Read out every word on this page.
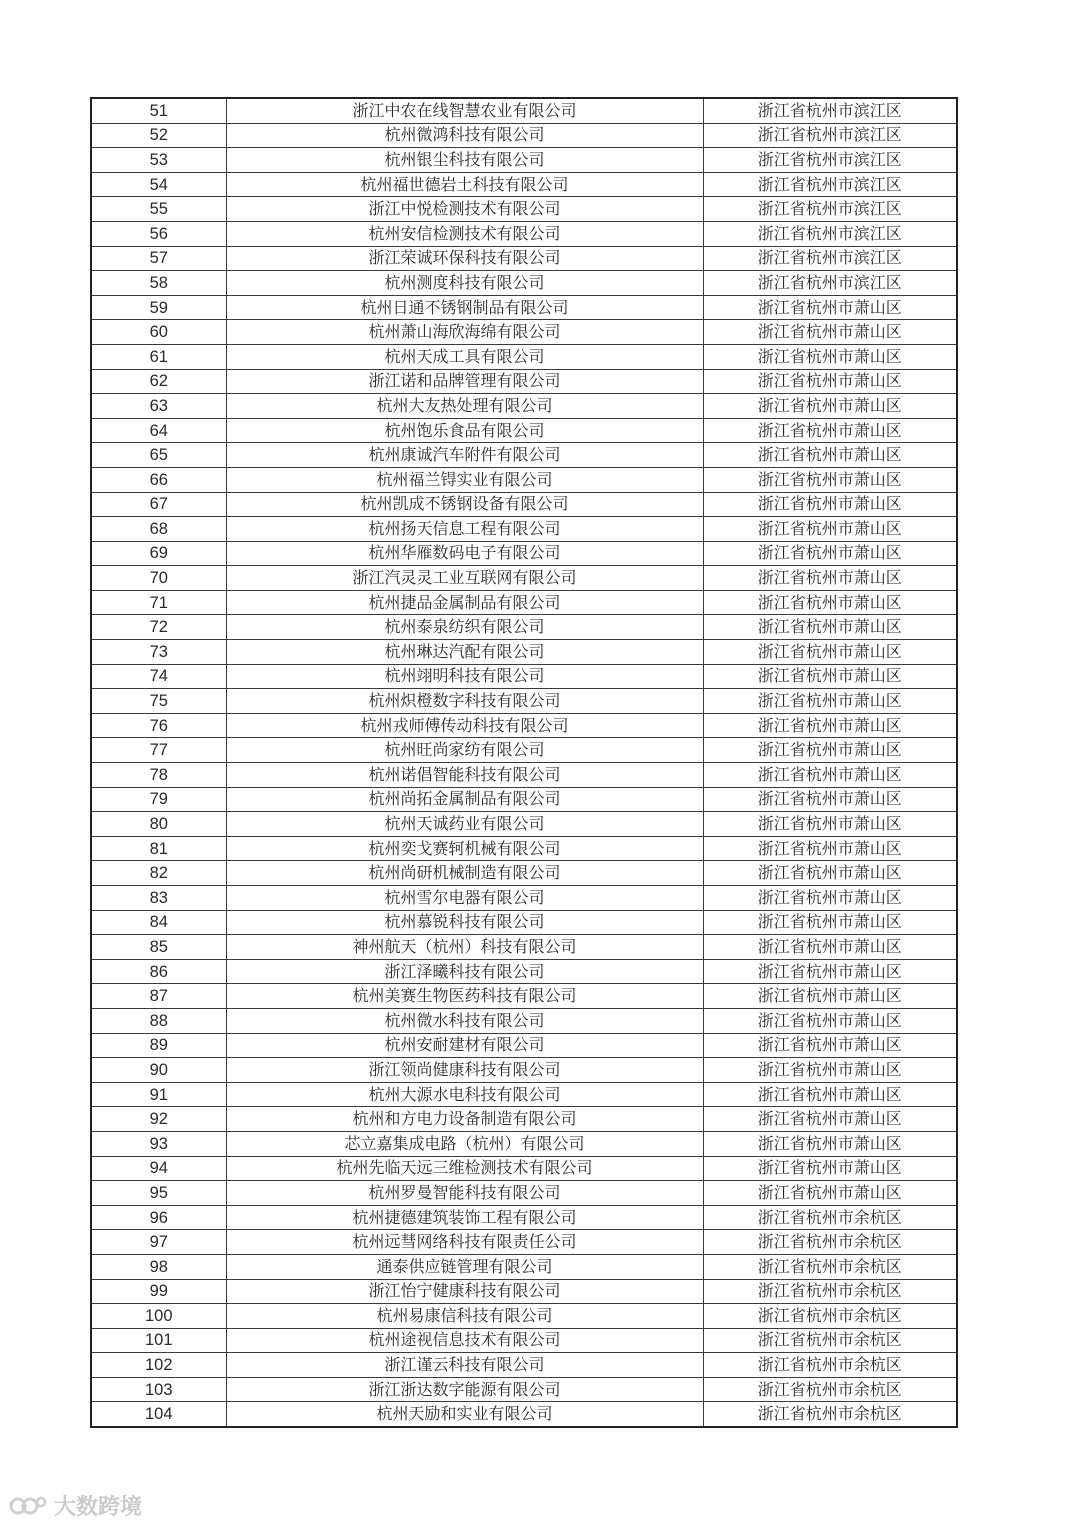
51	浙江中农在线智慧农业有限公司	浙江省杭州市滨江区
52	杭州微鸿科技有限公司	浙江省杭州市滨江区
53	杭州银尘科技有限公司	浙江省杭州市滨江区
54	杭州福世德岩土科技有限公司	浙江省杭州市滨江区
55	浙江中悦检测技术有限公司	浙江省杭州市滨江区
56	杭州安信检测技术有限公司	浙江省杭州市滨江区
57	浙江荣诚环保科技有限公司	浙江省杭州市滨江区
58	杭州测度科技有限公司	浙江省杭州市滨江区
59	杭州日通不锈钢制品有限公司	浙江省杭州市萧山区
60	杭州萧山海欣海绵有限公司	浙江省杭州市萧山区
61	杭州天成工具有限公司	浙江省杭州市萧山区
62	浙江诺和品牌管理有限公司	浙江省杭州市萧山区
63	杭州大友热处理有限公司	浙江省杭州市萧山区
64	杭州饱乐食品有限公司	浙江省杭州市萧山区
65	杭州康诚汽车附件有限公司	浙江省杭州市萧山区
66	杭州福兰锝实业有限公司	浙江省杭州市萧山区
67	杭州凯成不锈钢设备有限公司	浙江省杭州市萧山区
68	杭州扬天信息工程有限公司	浙江省杭州市萧山区
69	杭州华雁数码电子有限公司	浙江省杭州市萧山区
70	浙江汽灵灵工业互联网有限公司	浙江省杭州市萧山区
71	杭州捷品金属制品有限公司	浙江省杭州市萧山区
72	杭州泰泉纺织有限公司	浙江省杭州市萧山区
73	杭州琳达汽配有限公司	浙江省杭州市萧山区
74	杭州翊明科技有限公司	浙江省杭州市萧山区
75	杭州炽橙数字科技有限公司	浙江省杭州市萧山区
76	杭州戎师傅传动科技有限公司	浙江省杭州市萧山区
77	杭州旺尚家纺有限公司	浙江省杭州市萧山区
78	杭州诺倡智能科技有限公司	浙江省杭州市萧山区
79	杭州尚拓金属制品有限公司	浙江省杭州市萧山区
80	杭州天诚药业有限公司	浙江省杭州市萧山区
81	杭州奕戈赛轲机械有限公司	浙江省杭州市萧山区
82	杭州尚研机械制造有限公司	浙江省杭州市萧山区
83	杭州雪尔电器有限公司	浙江省杭州市萧山区
84	杭州慕锐科技有限公司	浙江省杭州市萧山区
85	神州航天（杭州）科技有限公司	浙江省杭州市萧山区
86	浙江泽曦科技有限公司	浙江省杭州市萧山区
87	杭州美赛生物医药科技有限公司	浙江省杭州市萧山区
88	杭州微水科技有限公司	浙江省杭州市萧山区
89	杭州安耐建材有限公司	浙江省杭州市萧山区
90	浙江领尚健康科技有限公司	浙江省杭州市萧山区
91	杭州大源水电科技有限公司	浙江省杭州市萧山区
92	杭州和方电力设备制造有限公司	浙江省杭州市萧山区
93	芯立嘉集成电路（杭州）有限公司	浙江省杭州市萧山区
94	杭州先临天远三维检测技术有限公司	浙江省杭州市萧山区
95	杭州罗曼智能科技有限公司	浙江省杭州市萧山区
96	杭州捷德建筑装饰工程有限公司	浙江省杭州市余杭区
97	杭州远彗网络科技有限责任公司	浙江省杭州市余杭区
98	通泰供应链管理有限公司	浙江省杭州市余杭区
99	浙江怡宁健康科技有限公司	浙江省杭州市余杭区
100	杭州易康信科技有限公司	浙江省杭州市余杭区
101	杭州途视信息技术有限公司	浙江省杭州市余杭区
102	浙江谨云科技有限公司	浙江省杭州市余杭区
103	浙江浙达数字能源有限公司	浙江省杭州市余杭区
104	杭州天励和实业有限公司	浙江省杭州市余杭区
大数跨境
